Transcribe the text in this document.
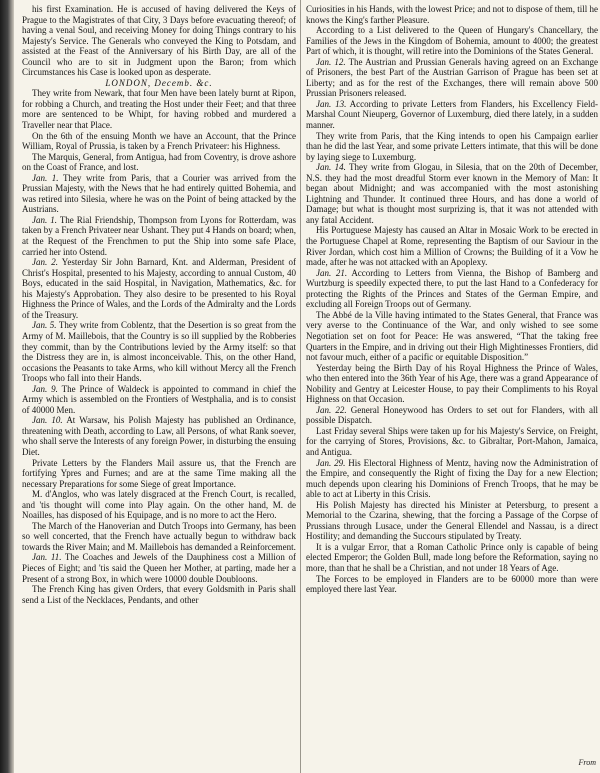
his first Examination. He is accused of having delivered the Keys of Prague to the Magistrates of that City, 3 Days before evacuating thereof; of having a venal Soul, and receiving Money for doing Things contrary to his Majesty's Service. The Generals who conveyed the King to Potsdam, and assisted at the Feast of the Anniversary of his Birth Day, are all of the Council who are to sit in Judgment upon the Baron; from which Circumstances his Case is looked upon as desperate.

LONDON, Decemb. &c.

They write from Newark, that four Men have been lately burnt at Ripon, for robbing a Church, and treating the Host under their Feet; and that three more are sentenced to be Whipt, for having robbed and murdered a Traveller near that Place.

On the 6th of the ensuing Month we have an Account, that the Prince William, Royal of Prussia, is taken by a French Privateer: his Highness.

The Marquis, General, from Antigua, had from Coventry, is drove ashore on the Coast of France, and lost.

Jan. 1. They write from Paris, that a Courier was arrived from the Prussian Majesty, with the News that he had entirely quitted Bohemia, and was retired into Silesia, where he was on the Point of being attacked by the Austrians.

Jan. 1. The Rial Friendship, Thompson from Lyons for Rotterdam, was taken by a French Privateer near Ushant. They put 4 Hands on board; when, at the Request of the Frenchmen to put the Ship into some safe Place, carried her into Ostend.

Jan. 2. Yesterday Sir John Barnard, Knt. and Alderman, President of Christ's Hospital, presented to his Majesty, according to annual Custom, 40 Boys, educated in the said Hospital, in Navigation, Mathematics, &c. for his Majesty's Approbation. They also desire to be presented to his Royal Highness the Prince of Wales, and the Lords of the Admiralty and the Lords of the Treasury.

Jan. 5. They write from Coblentz, that the Desertion is so great from the Army of M. Maillebois, that the Country is so ill supplied by the Robberies they commit, than by the Contributions levied by the Army itself: so that the Distress they are in, is almost inconceivable. This, on the other Hand, occasions the Peasants to take Arms, who kill without Mercy all the French Troops who fall into their Hands.

Jan. 9. The Prince of Waldeck is appointed to command in chief the Army which is assembled on the Frontiers of Westphalia, and is to consist of 40000 Men.

Jan. 10. At Warsaw, his Polish Majesty has published an Ordinance, threatening with Death, according to Law, all Persons, of what Rank soever, who shall serve the Interests of any foreign Power, in disturbing the ensuing Diet.

Private Letters by the Flanders Mail assure us, that the French are fortifying Ypres and Furnes; and are at the same Time making all the necessary Preparations for some Siege of great Importance.

M. d'Anglos, who was lately disgraced at the French Court, is recalled, and 'tis thought will come into Play again. On the other hand, M. de Noailles, has disposed of his Equipage, and is no more to act the Hero.

The March of the Hanoverian and Dutch Troops into Germany, has been so well concerted, that the French have actually begun to withdraw back towards the River Main; and M. Maillebois has demanded a Reinforcement.

Jan. 11. The Coaches and Jewels of the Dauphiness cost a Million of Pieces of Eight; and 'tis said the Queen her Mother, at parting, made her a Present of a strong Box, in which were 10000 double Doubloons.

The French King has given Orders, that every Goldsmith in Paris shall send a List of the Necklaces, Pendants, and other

Curiosities in his Hands, with the lowest Price; and not to dispose of them, till he knows the King's farther Pleasure.

According to a List delivered to the Queen of Hungary's Chancellary, the Families of the Jews in the Kingdom of Bohemia, amount to 4000; the greatest Part of which, it is thought, will retire into the Dominions of the States General.

Jan. 12. The Austrian and Prussian Generals having agreed on an Exchange of Prisoners, the best Part of the Austrian Garrison of Prague has been set at Liberty; and as for the rest of the Exchanges, there will remain above 500 Prussian Prisoners released.

Jan. 13. According to private Letters from Flanders, his Excellency Field-Marshal Count Nieuperg, Governor of Luxemburg, died there lately, in a sudden manner.

They write from Paris, that the King intends to open his Campaign earlier than he did the last Year, and some private Letters intimate, that this will be done by laying siege to Luxemburg.

Jan. 14. They write from Glogau, in Silesia, that on the 20th of December, N.S. they had the most dreadful Storm ever known in the Memory of Man: It began about Midnight; and was accompanied with the most astonishing Lightning and Thunder. It continued three Hours, and has done a world of Damage; but what is thought most surprizing is, that it was not attended with any fatal Accident.

His Portuguese Majesty has caused an Altar in Mosaic Work to be erected in the Portuguese Chapel at Rome, representing the Baptism of our Saviour in the River Jordan, which cost him a Million of Crowns; the Building of it a Vow he made, after he was not attacked with an Apoplexy.

Jan. 21. According to Letters from Vienna, the Bishop of Bamberg and Wurtzburg is speedily expected there, to put the last Hand to a Confederacy for protecting the Rights of the Princes and States of the German Empire, and excluding all Foreign Troops out of Germany.

The Abbé de la Ville having intimated to the States General, that France was very averse to the Continuance of the War, and only wished to see some Negotiation set on foot for Peace: He was answered, “That the taking free Quarters in the Empire, and in driving out their High Mightinesses Frontiers, did not favour much, either of a pacific or equitable Disposition.”

Yesterday being the Birth Day of his Royal Highness the Prince of Wales, who then entered into the 36th Year of his Age, there was a grand Appearance of Nobility and Gentry at Leicester House, to pay their Compliments to his Royal Highness on that Occasion.

Jan. 22. General Honeywood has Orders to set out for Flanders, with all possible Dispatch.

Last Friday several Ships were taken up for his Majesty's Service, on Freight, for the carrying of Stores, Provisions, &c. to Gibraltar, Port-Mahon, Jamaica, and Antigua.

Jan. 29. His Electoral Highness of Mentz, having now the Administration of the Empire, and consequently the Right of fixing the Day for a new Election; much depends upon clearing his Dominions of French Troops, that he may be able to act at Liberty in this Crisis.

His Polish Majesty has directed his Minister at Petersburg, to present a Memorial to the Czarina, shewing, that the forcing a Passage of the Corpse of Prussians through Lusace, under the General Ellendel and Nassau, is a direct Hostility; and demanding the Succours stipulated by Treaty.

It is a vulgar Error, that a Roman Catholic Prince only is capable of being elected Emperor; the Golden Bull, made long before the Reformation, saying no more, than that he shall be a Christian, and not under 18 Years of Age.

The Forces to be employed in Flanders are to be 60000 more than were employed there last Year.

From
